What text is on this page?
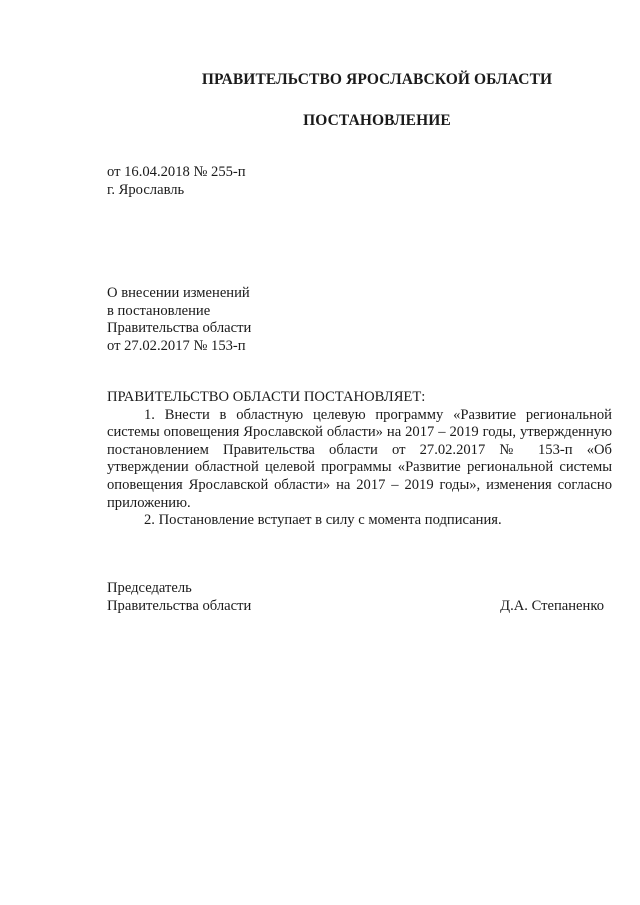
ПРАВИТЕЛЬСТВО ЯРОСЛАВСКОЙ ОБЛАСТИ
ПОСТАНОВЛЕНИЕ
от 16.04.2018 № 255-п
г. Ярославль
О внесении изменений
в постановление
Правительства области
от 27.02.2017 № 153-п

ПРАВИТЕЛЬСТВО ОБЛАСТИ ПОСТАНОВЛЯЕТ:

1. Внести в областную целевую программу «Развитие региональной системы оповещения Ярославской области» на 2017 – 2019 годы, утвержденную постановлением Правительства области от 27.02.2017 № 153-п «Об утверждении областной целевой программы «Развитие региональной системы оповещения Ярославской области» на 2017 – 2019 годы», изменения согласно приложению.

2. Постановление вступает в силу с момента подписания.

Председатель
Правительства области	Д.А. Степаненко
